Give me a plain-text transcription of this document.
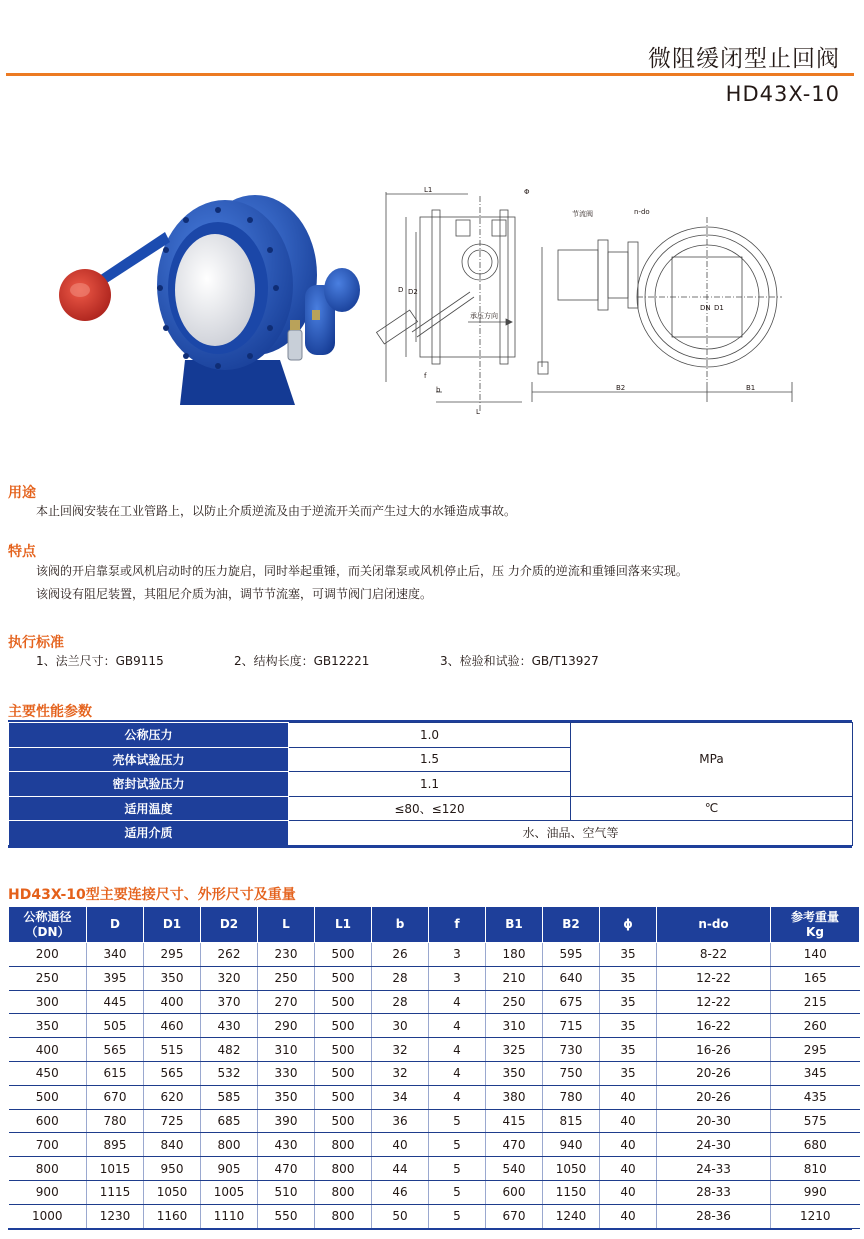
微阻缓闭型止回阀
HD43X-10
L1	Φ
D D2
承压方向
f
b
L
节流阀	n-do
DN D1
B2	B1
用途
本止回阀安装在工业管路上，以防止介质逆流及由于逆流开关而产生过大的水锤造成事故。
特点
该阀的开启靠泵或风机启动时的压力旋启，同时举起重锤，而关闭靠泵或风机停止后，压 力介质的逆流和重锤回落来实现。
该阀设有阻尼装置，其阻尼介质为油，调节节流塞，可调节阀门启闭速度。
执行标准
1、法兰尺寸：GB9115	2、结构长度：GB12221	3、检验和试验：GB/T13927
主要性能参数
公称压力	1.0	MPa
壳体试验压力	1.5	
密封试验压力	1.1	
适用温度	≤80、≤120	℃
适用介质	水、油品、空气等	
HD43X-10型主要连接尺寸、外形尺寸及重量
公称通径
（DN）	D	D1	D2	L	L1	b	f	B1	B2	ϕ	n-do	参考重量
Kg
200	340	295	262	230	500	26	3	180	595	35	8-22	140
250	395	350	320	250	500	28	3	210	640	35	12-22	165
300	445	400	370	270	500	28	4	250	675	35	12-22	215
350	505	460	430	290	500	30	4	310	715	35	16-22	260
400	565	515	482	310	500	32	4	325	730	35	16-26	295
450	615	565	532	330	500	32	4	350	750	35	20-26	345
500	670	620	585	350	500	34	4	380	780	40	20-26	435
600	780	725	685	390	500	36	5	415	815	40	20-30	575
700	895	840	800	430	800	40	5	470	940	40	24-30	680
800	1015	950	905	470	800	44	5	540	1050	40	24-33	810
900	1115	1050	1005	510	800	46	5	600	1150	40	28-33	990
1000	1230	1160	1110	550	800	50	5	670	1240	40	28-36	1210
